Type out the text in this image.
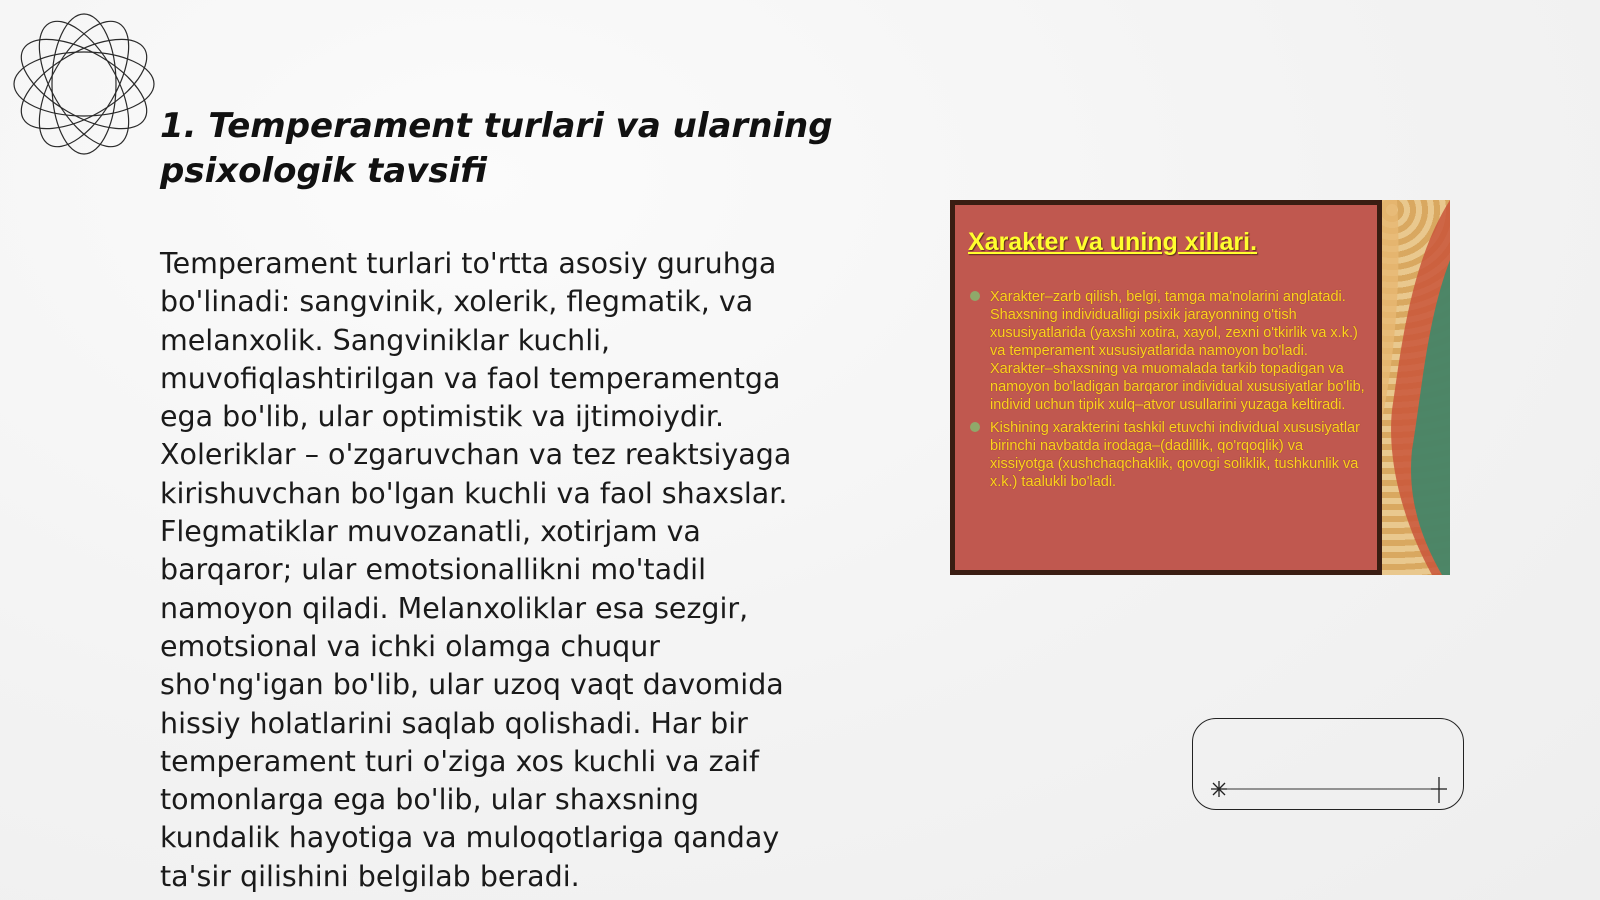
1. Temperament turlari va ularning psixologik tavsifi

Temperament turlari to'rtta asosiy guruhga bo'linadi: sangvinik, xolerik, flegmatik, va melanxolik. Sangviniklar kuchli, muvofiqlashtirilgan va faol temperamentga ega bo'lib, ular optimistik va ijtimoiydir. Xoleriklar – o'zgaruvchan va tez reaktsiyaga kirishuvchan bo'lgan kuchli va faol shaxslar. Flegmatiklar muvozanatli, xotirjam va barqaror; ular emotsionallikni mo'tadil namoyon qiladi. Melanxoliklar esa sezgir, emotsional va ichki olamga chuqur sho'ng'igan bo'lib, ular uzoq vaqt davomida hissiy holatlarini saqlab qolishadi. Har bir temperament turi o'ziga xos kuchli va zaif tomonlarga ega bo'lib, ular shaxsning kundalik hayotiga va muloqotlariga qanday ta'sir qilishini belgilab beradi.

Xarakter va uning xillari.
Xarakter–zarb qilish, belgi, tamga ma'nolarini anglatadi. Shaxsning individualligi psixik jarayonning o'tish xususiyatlarida (yaxshi xotira, xayol, zexni o'tkirlik va x.k.) va temperament xususiyatlarida namoyon bo'ladi. Xarakter–shaxsning va muomalada tarkib topadigan va namoyon bo'ladigan barqaror individual xususiyatlar bo'lib, individ uchun tipik xulq–atvor usullarini yuzaga keltiradi.
Kishining xarakterini tashkil etuvchi individual xususiyatlar birinchi navbatda irodaga–(dadillik, qo'rqoqlik) va xissiyotga (xushchaqchaklik, qovogi soliklik, tushkunlik va x.k.) taalukli bo'ladi.
